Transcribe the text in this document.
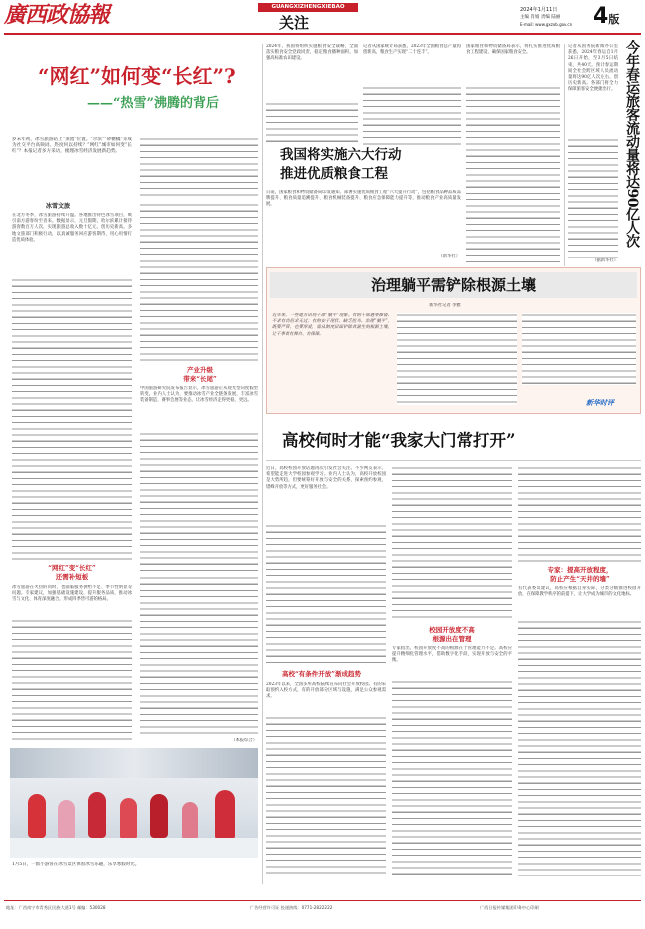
廣西政協報	GUANGXIZHENGXIEBAO
关注
2024年1月11日
主编 肖娟 责编 陆丽
E-mail: www.gxzxb.gov.cn 4版
“网红”如何变“长红”?
——“热雪”沸腾的背后
岁末年初，冰雪旅游站上“顶流”位置。“尔滨”“砂糖橘”等成为社交平台高频词。热度何以持续？“网红”城市如何变“长红”？本报记者多方采访，梳理冰雪经济发展新趋势。
冰雪文旅
在北方冬季，冰雪旅游持续升温。各地推出特色冰雪项目，吸引南方游客纷至沓来。数据显示，元旦假期，哈尔滨累计接待游客数百万人次，实现旅游总收入数十亿元，创历史新高。多地文旅部门积极行动，以真诚服务回应游客期待，用心用情打造优质体验。
产业升级
带来“长尾”
中国旅游研究院发布报告显示，冰雪旅游正从观光型向度假型转变。业内人士认为，要推动冰雪产业全链条发展，丰富冰雪装备制造、赛事会展等业态，让冰雪经济走得更稳、更远。
“网红”变“长红”
还需补短板
冰雪旅游在火热的同时，也面临服务供给不足、季节性明显等问题。专家建议，加强基础设施建设，提升服务品质，推动冰雪与文化、体育深度融合，形成四季皆可游的格局。
（本报综合）
1月5日，一群小游客在冰雪景区体验冰雪乐趣，乐享寒假时光。
今年春运旅客流动量将达90亿人次
记者从国务院新闻办公室获悉，2024年春运自1月26日开始，至3月5日结束，共40天。预计春运期间全社会跨区域人员流动量将达90亿人次左右，创历史新高。各部门将全力保障旅客安全便捷出行。
（据新华社）
2024年，我国将组织实施粮食安全战略，全面落实粮食安全党政同责，稳定粮食播种面积，加强高标准农田建设。
记者从国家统计局获悉，2023年全国粮食总产量再创新高，粮食生产实现“二十连丰”。
国家粮食和物资储备局表示，将扎实推进优质粮食工程建设，确保国家粮食安全。
我国将实施六大行动
推进优质粮食工程
日前，国家粮食和物资储备局印发通知，部署实施优质粮食工程“六大提升行动”，包括粮食品种品质品牌提升、粮食质量追溯提升、粮食机械装备提升、粮食应急保障能力提升等，推动粮食产业高质量发展。
（新华社）
治理躺平需铲除根源土壤
新华社记者 李雅
近年来，一些地方出现干部“躺平”现象。有的干部遇事推诿、不求有功但求无过；有的安于现状、缺乏担当。治理“躺平”，既要严管，也要厚爱，需从制度层面铲除其滋生的根源土壤，让干事者有舞台、有保障。
新华时评
高校何时才能“我家大门常打开”
近日，高校校园开放话题再次引发社会关注。不少网友表示，希望能走进大学校园参观学习。业内人士认为，高校开放校园是大势所趋，但要统筹好开放与安全的关系，探索预约参观、错峰开放等方式，更好服务社会。
高校“有条件开放”渐成趋势
2023年以来，全国多所高校陆续宣布向社会开放校园。有的采取预约入校方式，有的开放部分区域与设施，满足公众参观需求。
校园开放度不高
根源出在管理
专家指出，校园开放度不高的根源在于管理能力不足。高校应提升精细化管理水平，借助数字化手段，实现开放与安全的平衡。
专家：提高开放程度，
防止产生“天井的墙”
有代表委员建议，高校应根据自身实际，分类分级推进校园开放，在保障教学秩序的前提下，让大学成为城市的文化地标。
地址：广西南宁市青秀区民族大道1号 邮编：530028	广告经营许可证 投递热线：0771-2822222	广西日报传媒集团印务中心印刷
